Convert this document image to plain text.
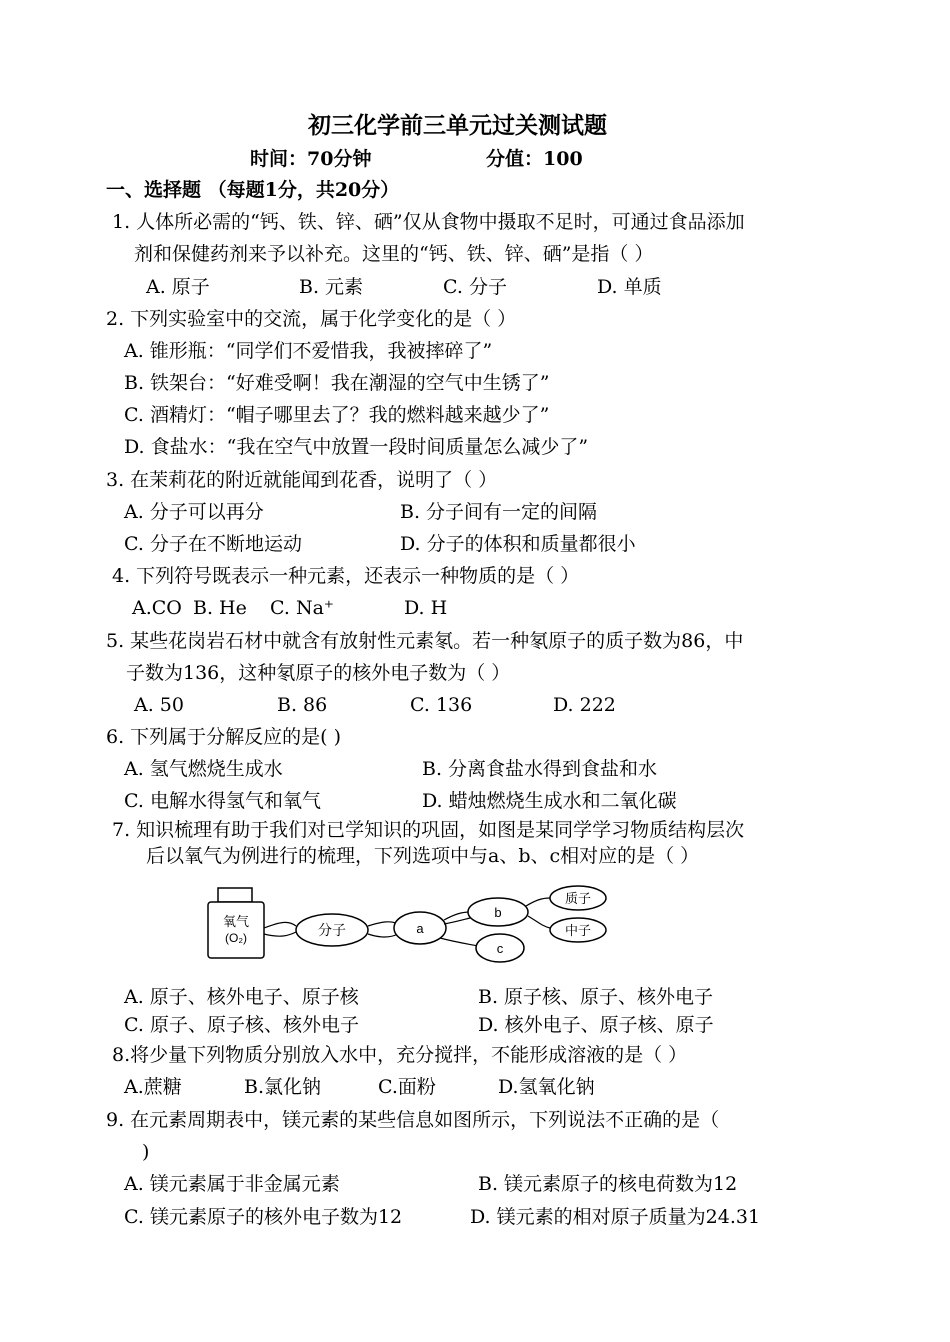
初三化学前三单元过关测试题
时间：70分钟	分值：100
一、选择题 （每题1分，共20分）
1. 人体所必需的“钙、铁、锌、硒”仅从食物中摄取不足时，可通过食品添加
剂和保健药剂来予以补充。这里的“钙、铁、锌、硒”是指（ ）
A. 原子	B. 元素	C. 分子	D. 单质
2. 下列实验室中的交流，属于化学变化的是（ ）
A. 锥形瓶：“同学们不爱惜我，我被摔碎了”
B. 铁架台：“好难受啊！我在潮湿的空气中生锈了”
C. 酒精灯：“帽子哪里去了？我的燃料越来越少了”
D. 食盐水：“我在空气中放置一段时间质量怎么减少了”
3. 在茉莉花的附近就能闻到花香，说明了（ ）
A. 分子可以再分	B. 分子间有一定的间隔
C. 分子在不断地运动	D. 分子的体积和质量都很小
4. 下列符号既表示一种元素，还表示一种物质的是（ ）
A.CO B. He C. Na⁺	D. H
5. 某些花岗岩石材中就含有放射性元素氡。若一种氡原子的质子数为86，中
子数为136，这种氡原子的核外电子数为（ ）
A. 50	B. 86	C. 136	D. 222
6. 下列属于分解反应的是( )
A. 氢气燃烧生成水	B. 分离食盐水得到食盐和水
C. 电解水得氢气和氧气	D. 蜡烛燃烧生成水和二氧化碳
7. 知识梳理有助于我们对已学知识的巩固，如图是某同学学习物质结构层次
后以氧气为例进行的梳理，下列选项中与a、b、c相对应的是（ ）
氧气
(O₂)	分子	a
b
c
质子
中子
A. 原子、核外电子、原子核	B. 原子核、原子、核外电子
C. 原子、原子核、核外电子	D. 核外电子、原子核、原子
8.将少量下列物质分别放入水中，充分搅拌，不能形成溶液的是（ ）
A.蔗糖	B.氯化钠	C.面粉	D.氢氧化钠
9. 在元素周期表中，镁元素的某些信息如图所示，下列说法不正确的是（
)
A. 镁元素属于非金属元素	B. 镁元素原子的核电荷数为12
C. 镁元素原子的核外电子数为12	D. 镁元素的相对原子质量为24.31
